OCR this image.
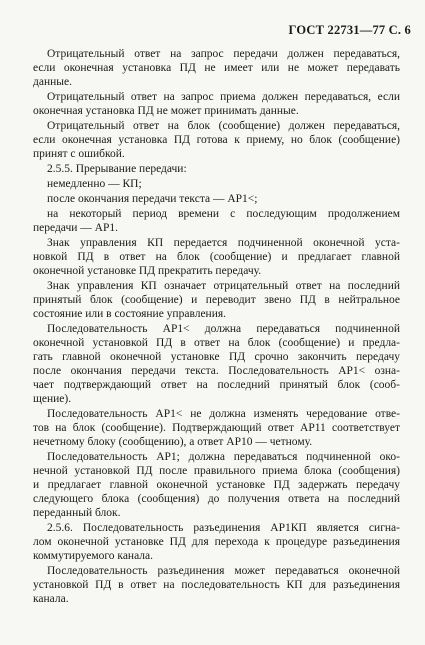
ГОСТ 22731—77 С. 6
Отрицательный ответ на запрос передачи должен передаваться,
если оконечная установка ПД не имеет или не может передавать
данные.
Отрицательный ответ на запрос приема должен передаваться, если
оконечная установка ПД не может принимать данные.
Отрицательный ответ на блок (сообщение) должен передаваться,
если оконечная установка ПД готова к приему, но блок (сообщение)
принят с ошибкой.
2.5.5. Прерывание передачи:
немедленно — КП;
после окончания передачи текста — АР1<;
на некоторый период времени с последующим продолжением
передачи — АР1.
Знак управления КП передается подчиненной оконечной уста-
новкой ПД в ответ на блок (сообщение) и предлагает главной
оконечной установке ПД прекратить передачу.
Знак управления КП означает отрицательный ответ на последний
принятый блок (сообщение) и переводит звено ПД в нейтральное
состояние или в состояние управления.
Последовательность АР1< должна передаваться подчиненной
оконечной установкой ПД в ответ на блок (сообщение) и предла-
гать главной оконечной установке ПД срочно закончить передачу
после окончания передачи текста. Последовательность АР1< озна-
чает подтверждающий ответ на последний принятый блок (сооб-
щение).
Последовательность АР1< не должна изменять чередование отве-
тов на блок (сообщение). Подтверждающий ответ АР11 соответствует
нечетному блоку (сообщению), а ответ АР10 — четному.
Последовательность АР1; должна передаваться подчиненной око-
нечной установкой ПД после правильного приема блока (сообщения)
и предлагает главной оконечной установке ПД задержать передачу
следующего блока (сообщения) до получения ответа на последний
переданный блок.
2.5.6. Последовательность разъединения АР1КП является сигна-
лом оконечной установке ПД для перехода к процедуре разъединения
коммутируемого канала.
Последовательность разъединения может передаваться оконечной
установкой ПД в ответ на последовательность КП для разъединения
канала.
